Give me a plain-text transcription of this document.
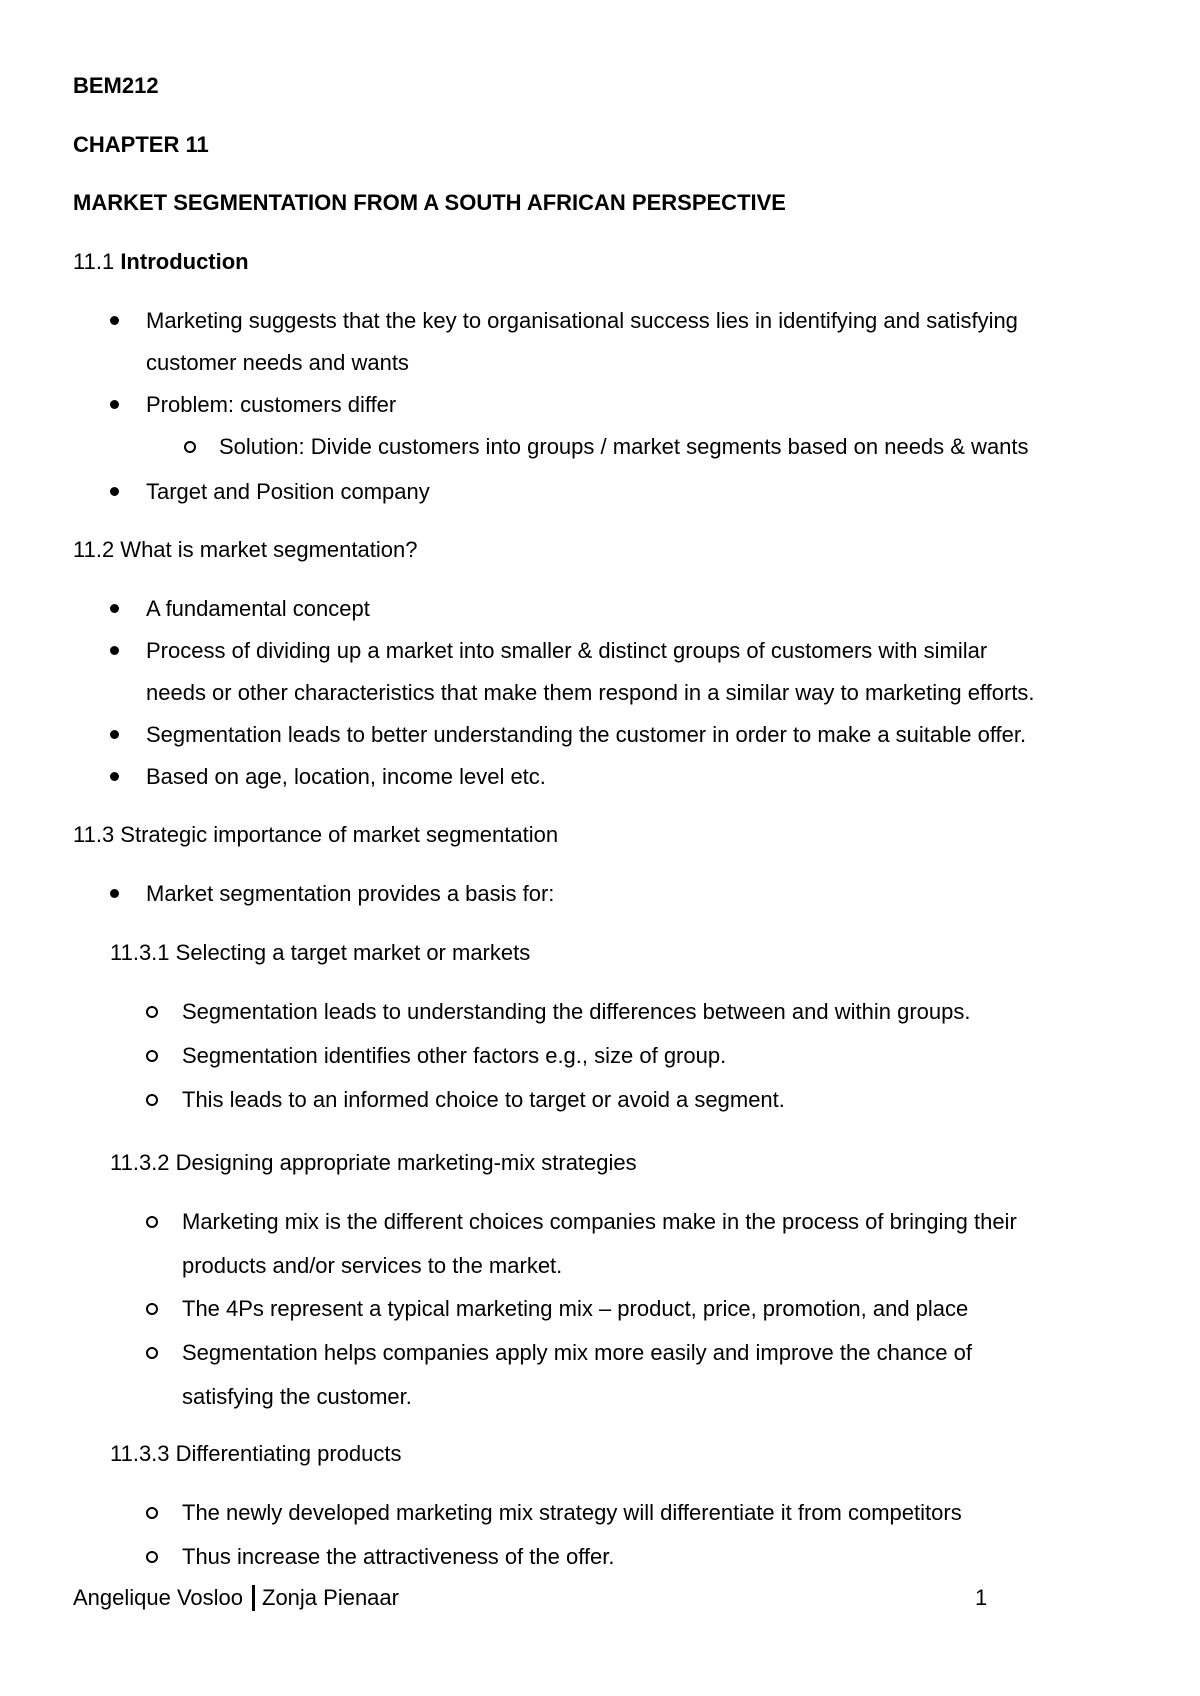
BEM212
CHAPTER 11
MARKET SEGMENTATION FROM A SOUTH AFRICAN PERSPECTIVE
11.1 Introduction
Marketing suggests that the key to organisational success lies in identifying and satisfying
customer needs and wants
Problem: customers differ
Solution: Divide customers into groups / market segments based on needs & wants
Target and Position company
11.2 What is market segmentation?
A fundamental concept
Process of dividing up a market into smaller & distinct groups of customers with similar
needs or other characteristics that make them respond in a similar way to marketing efforts.
Segmentation leads to better understanding the customer in order to make a suitable offer.
Based on age, location, income level etc.
11.3 Strategic importance of market segmentation
Market segmentation provides a basis for:
11.3.1 Selecting a target market or markets
Segmentation leads to understanding the differences between and within groups.
Segmentation identifies other factors e.g., size of group.
This leads to an informed choice to target or avoid a segment.
11.3.2 Designing appropriate marketing-mix strategies
Marketing mix is the different choices companies make in the process of bringing their
products and/or services to the market.
The 4Ps represent a typical marketing mix – product, price, promotion, and place
Segmentation helps companies apply mix more easily and improve the chance of
satisfying the customer.
11.3.3 Differentiating products
The newly developed marketing mix strategy will differentiate it from competitors
Thus increase the attractiveness of the offer.
Angelique Vosloo Zonja Pienaar	1
